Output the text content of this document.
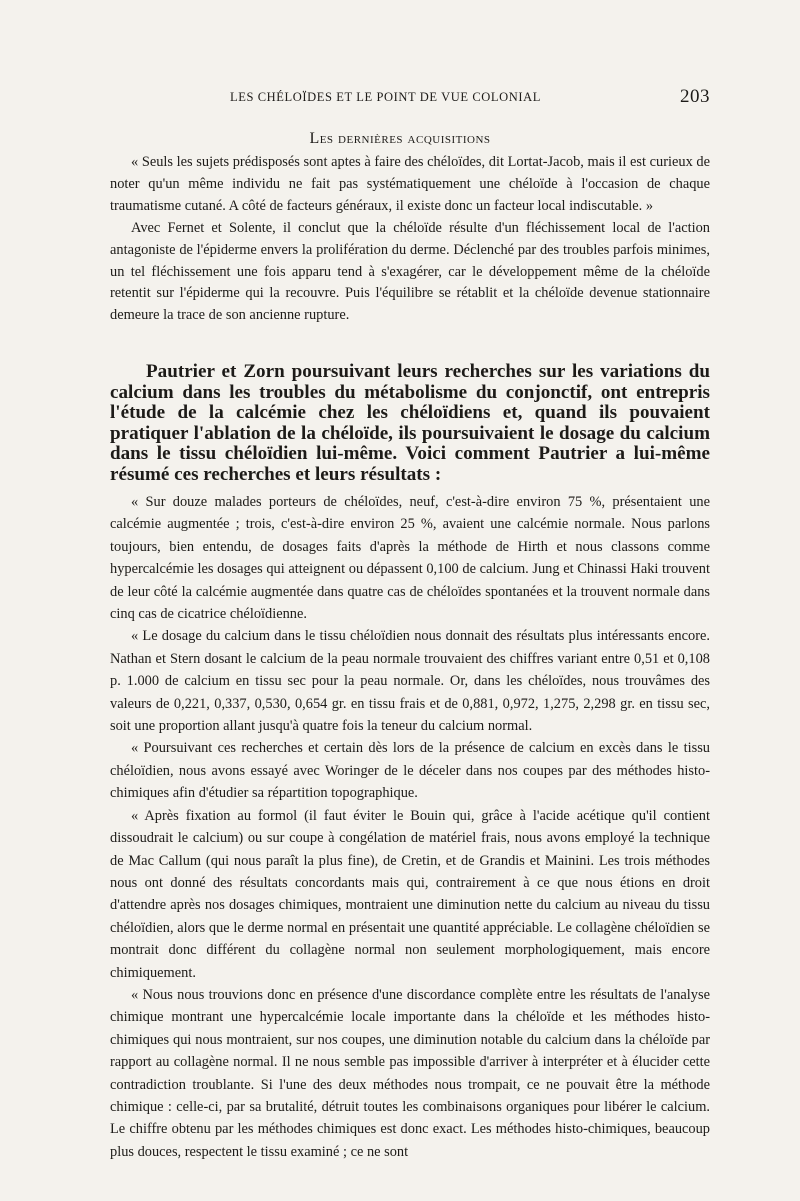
LES CHÉLOÏDES ET LE POINT DE VUE COLONIAL	203
Les dernières acquisitions

« Seuls les sujets prédisposés sont aptes à faire des chéloïdes, dit Lortat-Jacob, mais il est curieux de noter qu'un même individu ne fait pas systématiquement une chéloïde à l'occasion de chaque traumatisme cutané. A côté de facteurs généraux, il existe donc un facteur local indiscutable. »

Avec Fernet et Solente, il conclut que la chéloïde résulte d'un fléchissement local de l'action antagoniste de l'épiderme envers la prolifération du derme. Déclenché par des troubles parfois minimes, un tel fléchissement une fois apparu tend à s'exagérer, car le développement même de la chéloïde retentit sur l'épiderme qui la recouvre. Puis l'équilibre se rétablit et la chéloïde devenue stationnaire demeure la trace de son ancienne rupture.

Pautrier et Zorn poursuivant leurs recherches sur les variations du calcium dans les troubles du métabolisme du conjonctif, ont entrepris l'étude de la calcémie chez les chéloïdiens et, quand ils pouvaient pratiquer l'ablation de la chéloïde, ils poursuivaient le dosage du calcium dans le tissu chéloïdien lui-même. Voici comment Pautrier a lui-même résumé ces recherches et leurs résultats :

« Sur douze malades porteurs de chéloïdes, neuf, c'est-à-dire environ 75 %, présentaient une calcémie augmentée ; trois, c'est-à-dire environ 25 %, avaient une calcémie normale. Nous parlons toujours, bien entendu, de dosages faits d'après la méthode de Hirth et nous classons comme hypercalcémie les dosages qui atteignent ou dépassent 0,100 de calcium. Jung et Chinassi Haki trouvent de leur côté la calcémie augmentée dans quatre cas de chéloïdes spontanées et la trouvent normale dans cinq cas de cicatrice chéloïdienne.

« Le dosage du calcium dans le tissu chéloïdien nous donnait des résultats plus intéressants encore. Nathan et Stern dosant le calcium de la peau normale trouvaient des chiffres variant entre 0,51 et 0,108 p. 1.000 de calcium en tissu sec pour la peau normale. Or, dans les chéloïdes, nous trouvâmes des valeurs de 0,221, 0,337, 0,530, 0,654 gr. en tissu frais et de 0,881, 0,972, 1,275, 2,298 gr. en tissu sec, soit une proportion allant jusqu'à quatre fois la teneur du calcium normal.

« Poursuivant ces recherches et certain dès lors de la présence de calcium en excès dans le tissu chéloïdien, nous avons essayé avec Woringer de le déceler dans nos coupes par des méthodes histo-chimiques afin d'étudier sa répartition topographique.

« Après fixation au formol (il faut éviter le Bouin qui, grâce à l'acide acétique qu'il contient dissoudrait le calcium) ou sur coupe à congélation de matériel frais, nous avons employé la technique de Mac Callum (qui nous paraît la plus fine), de Cretin, et de Grandis et Mainini. Les trois méthodes nous ont donné des résultats concordants mais qui, contrairement à ce que nous étions en droit d'attendre après nos dosages chimiques, montraient une diminution nette du calcium au niveau du tissu chéloïdien, alors que le derme normal en présentait une quantité appréciable. Le collagène chéloïdien se montrait donc différent du collagène normal non seulement morphologiquement, mais encore chimiquement.

« Nous nous trouvions donc en présence d'une discordance complète entre les résultats de l'analyse chimique montrant une hypercalcémie locale importante dans la chéloïde et les méthodes histo-chimiques qui nous montraient, sur nos coupes, une diminution notable du calcium dans la chéloïde par rapport au collagène normal. Il ne nous semble pas impossible d'arriver à interpréter et à élucider cette contradiction troublante. Si l'une des deux méthodes nous trompait, ce ne pouvait être la méthode chimique : celle-ci, par sa brutalité, détruit toutes les combinaisons organiques pour libérer le calcium. Le chiffre obtenu par les méthodes chimiques est donc exact. Les méthodes histo-chimiques, beaucoup plus douces, respectent le tissu examiné ; ce ne sont
